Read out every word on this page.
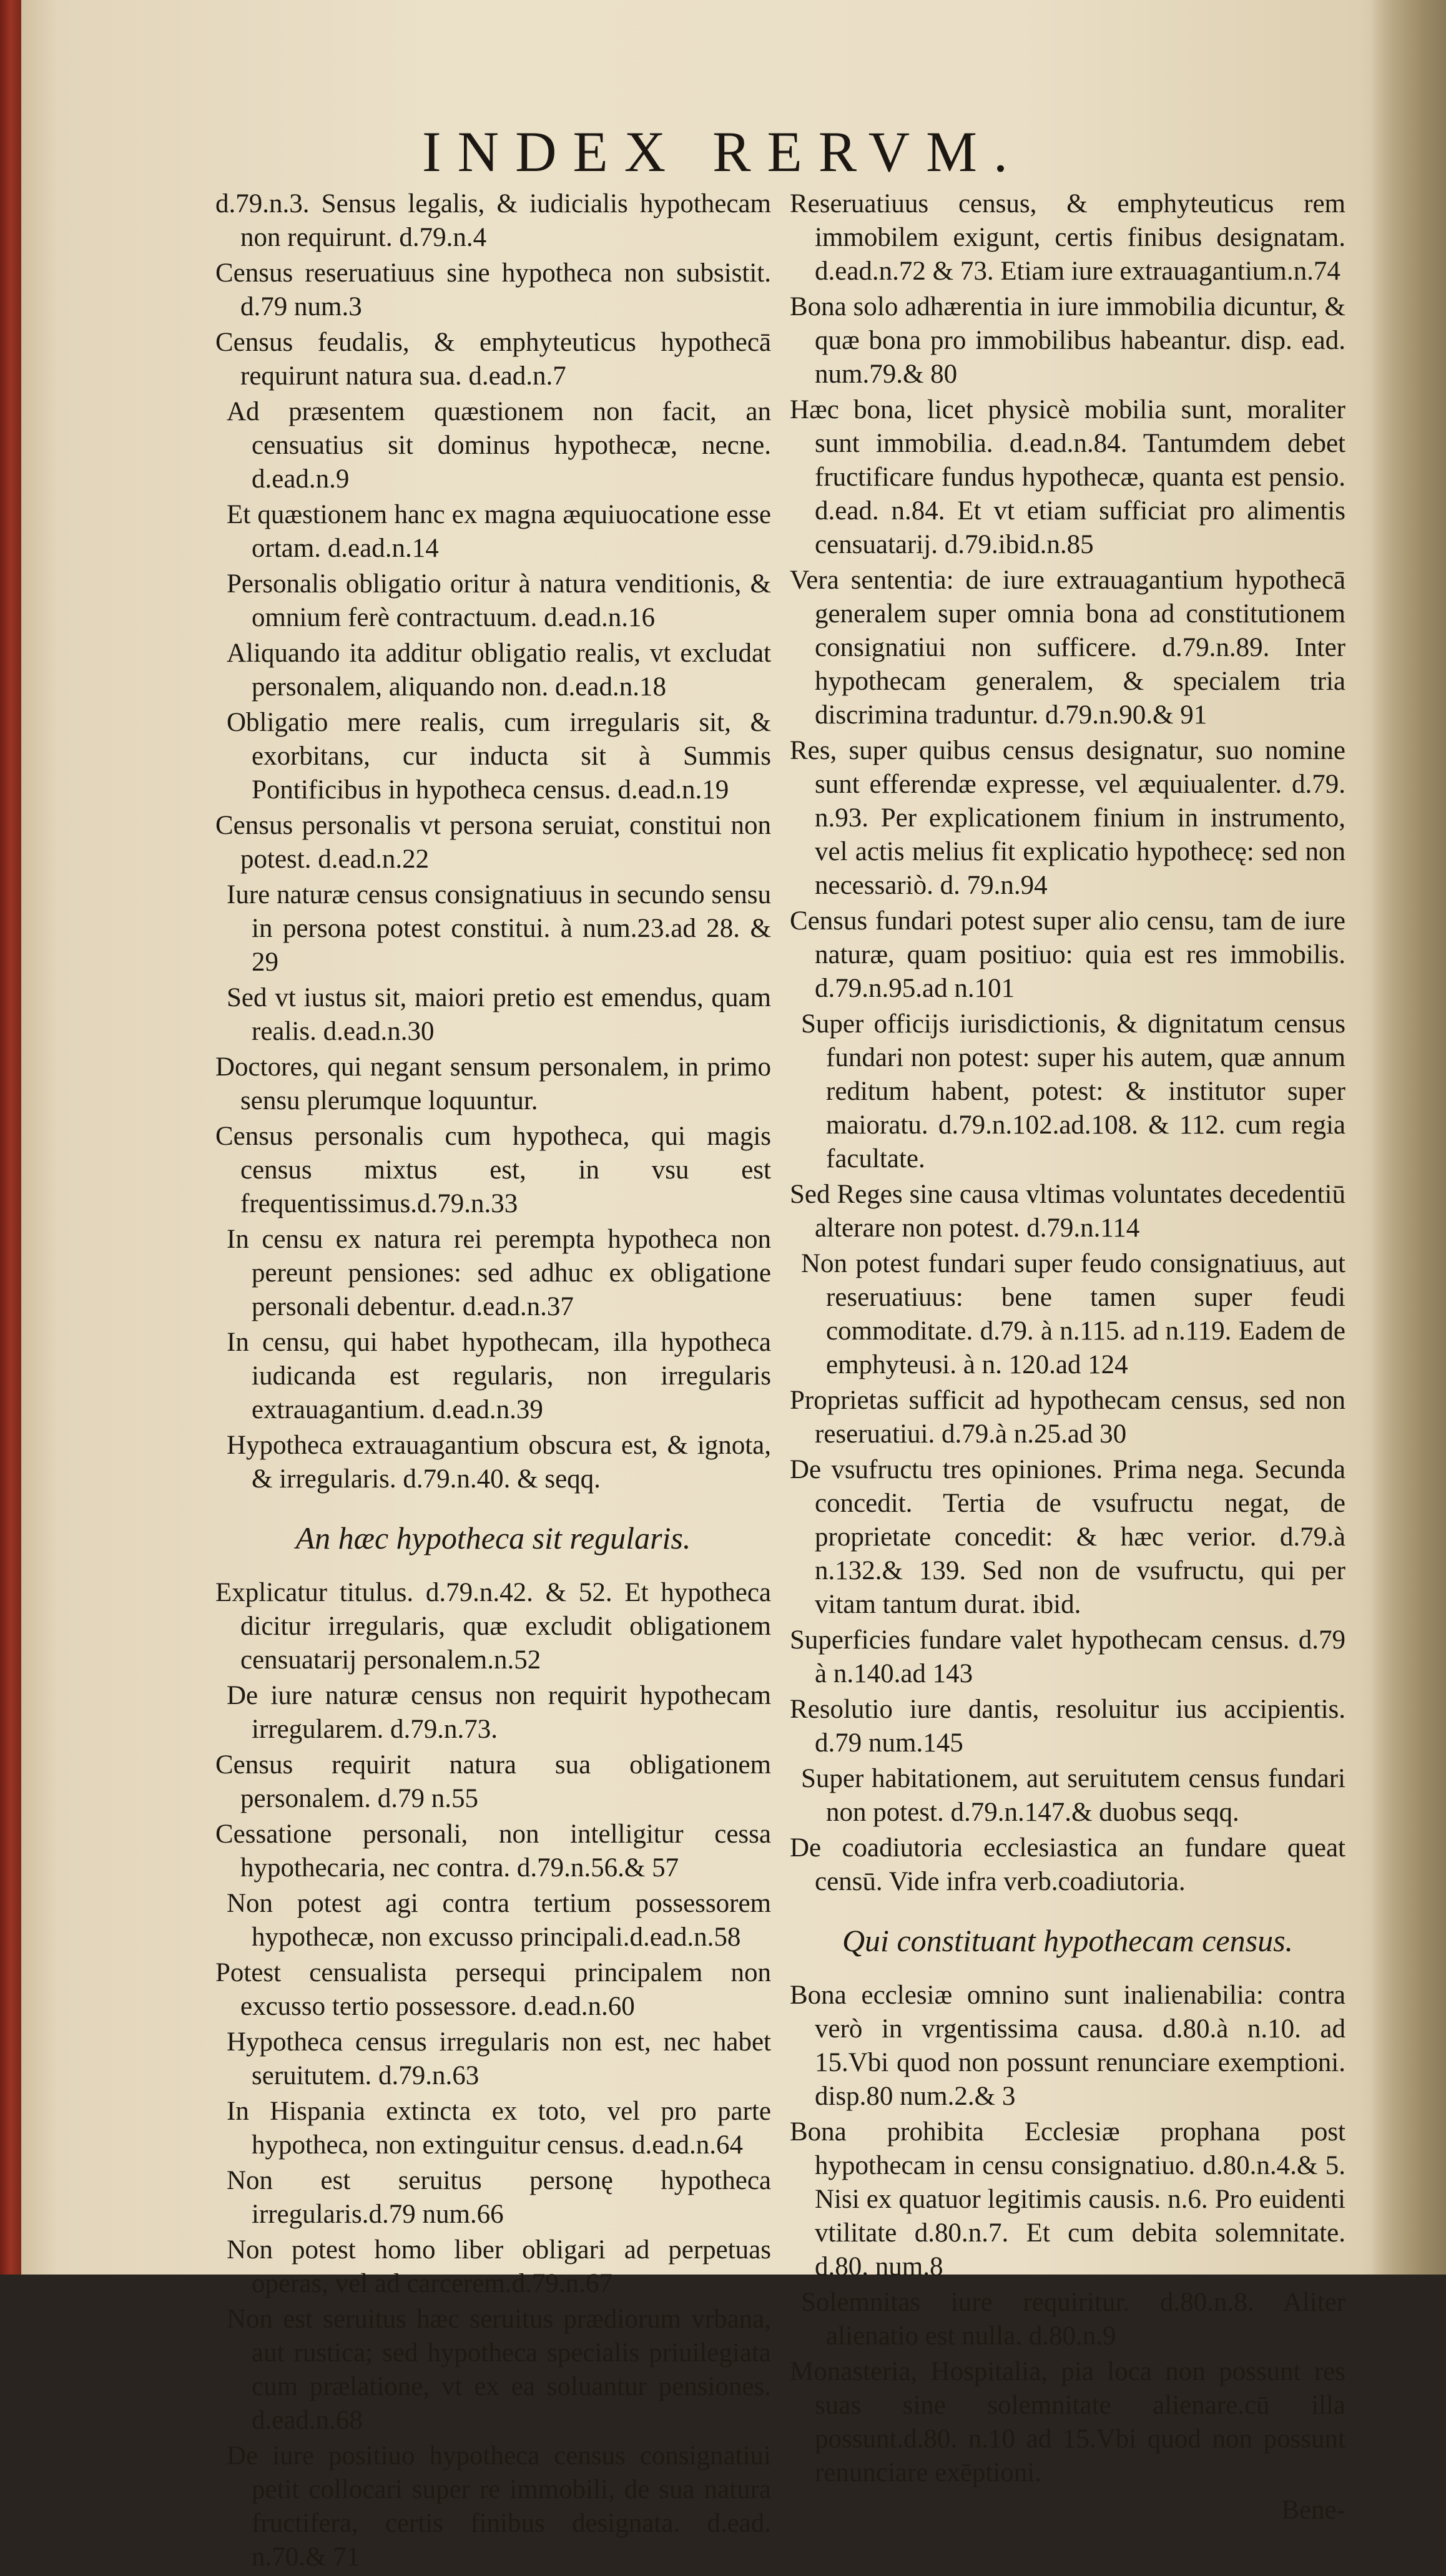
INDEX RERVM.

d.79.n.3. Sensus legalis, & iudicialis hypothecam non requirunt. d.79.n.4

Census reseruatiuus sine hypotheca non subsistit. d.79 num.3

Census feudalis, & emphyteuticus hypothecā requirunt natura sua. d.ead.n.7

Ad præsentem quæstionem non facit, an censuatius sit dominus hypothecæ, necne. d.ead.n.9

Et quæstionem hanc ex magna æquiuocatione esse ortam. d.ead.n.14

Personalis obligatio oritur à natura venditionis, & omnium ferè contractuum. d.ead.n.16

Aliquando ita additur obligatio realis, vt excludat personalem, aliquando non. d.ead.n.18

Obligatio mere realis, cum irregularis sit, & exorbitans, cur inducta sit à Summis Pontificibus in hypotheca census. d.ead.n.19

Census personalis vt persona seruiat, constitui non potest. d.ead.n.22

Iure naturæ census consignatiuus in secundo sensu in persona potest constitui. à num.23.ad 28. & 29

Sed vt iustus sit, maiori pretio est emendus, quam realis. d.ead.n.30

Doctores, qui negant sensum personalem, in primo sensu plerumque loquuntur.

Census personalis cum hypotheca, qui magis census mixtus est, in vsu est frequentissimus.d.79.n.33

In censu ex natura rei perempta hypotheca non pereunt pensiones: sed adhuc ex obligatione personali debentur. d.ead.n.37

In censu, qui habet hypothecam, illa hypotheca iudicanda est regularis, non irregularis extrauagantium. d.ead.n.39

Hypotheca extrauagantium obscura est, & ignota, & irregularis. d.79.n.40. & seqq.

An hæc hypotheca sit regularis.

Explicatur titulus. d.79.n.42. & 52. Et hypotheca dicitur irregularis, quæ excludit obligationem censuatarij personalem.n.52

De iure naturæ census non requirit hypothecam irregularem. d.79.n.73.

Census requirit natura sua obligationem personalem. d.79 n.55

Cessatione personali, non intelligitur cessa hypothecaria, nec contra. d.79.n.56.& 57

Non potest agi contra tertium possessorem hypothecæ, non excusso principali.d.ead.n.58

Potest censualista persequi principalem non excusso tertio possessore. d.ead.n.60

Hypotheca census irregularis non est, nec habet seruitutem. d.79.n.63

In Hispania extincta ex toto, vel pro parte hypotheca, non extinguitur census. d.ead.n.64

Non est seruitus personę hypotheca irregularis.d.79 num.66

Non potest homo liber obligari ad perpetuas operas, vel ad carcerem.d.79.n.67

Non est seruitus hæc seruitus prædiorum vrbana, aut rustica; sed hypotheca specialis priuilegiata cum prælatione, vt ex ea soluantur pensiones. d.ead.n.68

De iure positiuo hypotheca census consignatiui petit collocari super re immobili, de sua natura fructifera, certis finibus designata. d.ead. n.70.& 71

Reseruatiuus census, & emphyteuticus rem immobilem exigunt, certis finibus designatam. d.ead.n.72 & 73. Etiam iure extrauagantium.n.74

Bona solo adhærentia in iure immobilia dicuntur, & quæ bona pro immobilibus habeantur. disp. ead. num.79.& 80

Hæc bona, licet physicè mobilia sunt, moraliter sunt immobilia. d.ead.n.84. Tantumdem debet fructificare fundus hypothecæ, quanta est pensio. d.ead. n.84. Et vt etiam sufficiat pro alimentis censuatarij. d.79.ibid.n.85

Vera sententia: de iure extrauagantium hypothecā generalem super omnia bona ad constitutionem consignatiui non sufficere. d.79.n.89. Inter hypothecam generalem, & specialem tria discrimina traduntur. d.79.n.90.& 91

Res, super quibus census designatur, suo nomine sunt efferendæ expresse, vel æquiualenter. d.79. n.93. Per explicationem finium in instrumento, vel actis melius fit explicatio hypothecę: sed non necessariò. d. 79.n.94

Census fundari potest super alio censu, tam de iure naturæ, quam positiuo: quia est res immobilis. d.79.n.95.ad n.101

Super officijs iurisdictionis, & dignitatum census fundari non potest: super his autem, quæ annum reditum habent, potest: & institutor super maioratu. d.79.n.102.ad.108. & 112. cum regia facultate.

Sed Reges sine causa vltimas voluntates decedentiū alterare non potest. d.79.n.114

Non potest fundari super feudo consignatiuus, aut reseruatiuus: bene tamen super feudi commoditate. d.79. à n.115. ad n.119. Eadem de emphyteusi. à n. 120.ad 124

Proprietas sufficit ad hypothecam census, sed non reseruatiui. d.79.à n.25.ad 30

De vsufructu tres opiniones. Prima nega. Secunda concedit. Tertia de vsufructu negat, de proprietate concedit: & hæc verior. d.79.à n.132.& 139. Sed non de vsufructu, qui per vitam tantum durat. ibid.

Superficies fundare valet hypothecam census. d.79 à n.140.ad 143

Resolutio iure dantis, resoluitur ius accipientis. d.79 num.145

Super habitationem, aut seruitutem census fundari non potest. d.79.n.147.& duobus seqq.

De coadiutoria ecclesiastica an fundare queat censū. Vide infra verb.coadiutoria.

Qui constituant hypothecam census.

Bona ecclesiæ omnino sunt inalienabilia: contra verò in vrgentissima causa. d.80.à n.10. ad 15.Vbi quod non possunt renunciare exemptioni. disp.80 num.2.& 3

Bona prohibita Ecclesiæ prophana post hypothecam in censu consignatiuo. d.80.n.4.& 5. Nisi ex quatuor legitimis causis. n.6. Pro euidenti vtilitate d.80.n.7. Et cum debita solemnitate. d.80. num.8

Solemnitas iure requiritur. d.80.n.8. Aliter alienatio est nulla. d.80.n.9

Monasteria, Hospitalia, pia loca non possunt res suas sine solemnitate alienare.cū illa possunt.d.80. n.10 ad 15.Vbi quod non possunt renunciare exēptioni.

Bene-
